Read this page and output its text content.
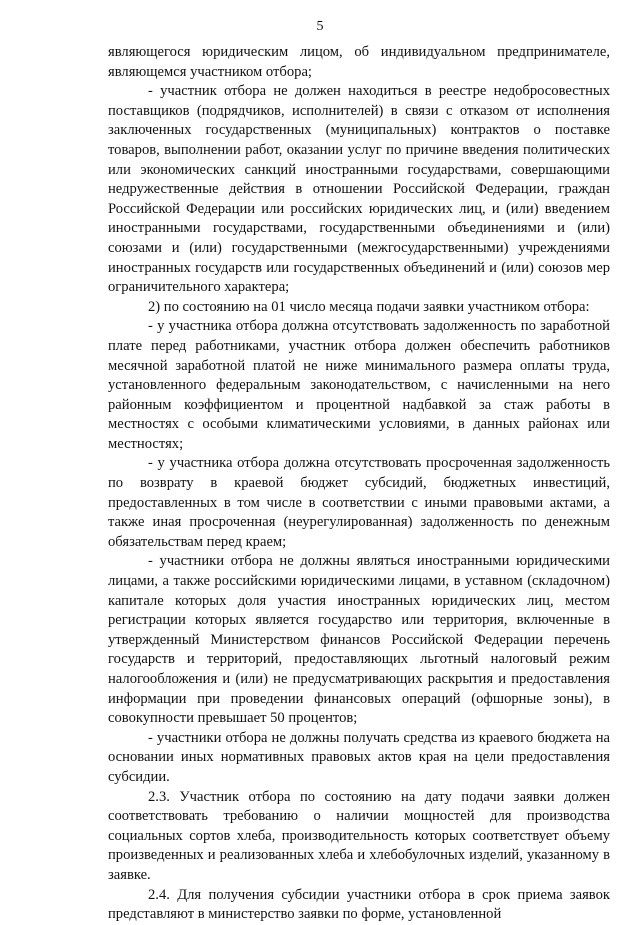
5

являющегося юридическим лицом, об индивидуальном предпринимателе, являющемся участником отбора;

- участник отбора не должен находиться в реестре недобросовестных поставщиков (подрядчиков, исполнителей) в связи с отказом от исполнения заключенных государственных (муниципальных) контрактов о поставке товаров, выполнении работ, оказании услуг по причине введения политических или экономических санкций иностранными государствами, совершающими недружественные действия в отношении Российской Федерации, граждан Российской Федерации или российских юридических лиц, и (или) введением иностранными государствами, государственными объединениями и (или) союзами и (или) государственными (межгосударственными) учреждениями иностранных государств или государственных объединений и (или) союзов мер ограничительного характера;

2) по состоянию на 01 число месяца подачи заявки участником отбора:

- у участника отбора должна отсутствовать задолженность по заработной плате перед работниками, участник отбора должен обеспечить работников месячной заработной платой не ниже минимального размера оплаты труда, установленного федеральным законодательством, с начисленными на него районным коэффициентом и процентной надбавкой за стаж работы в местностях с особыми климатическими условиями, в данных районах или местностях;

- у участника отбора должна отсутствовать просроченная задолженность по возврату в краевой бюджет субсидий, бюджетных инвестиций, предоставленных в том числе в соответствии с иными правовыми актами, а также иная просроченная (неурегулированная) задолженность по денежным обязательствам перед краем;

- участники отбора не должны являться иностранными юридическими лицами, а также российскими юридическими лицами, в уставном (складочном) капитале которых доля участия иностранных юридических лиц, местом регистрации которых является государство или территория, включенные в утвержденный Министерством финансов Российской Федерации перечень государств и территорий, предоставляющих льготный налоговый режим налогообложения и (или) не предусматривающих раскрытия и предоставления информации при проведении финансовых операций (офшорные зоны), в совокупности превышает 50 процентов;

- участники отбора не должны получать средства из краевого бюджета на основании иных нормативных правовых актов края на цели предоставления субсидии.

2.3. Участник отбора по состоянию на дату подачи заявки должен соответствовать требованию о наличии мощностей для производства социальных сортов хлеба, производительность которых соответствует объему произведенных и реализованных хлеба и хлебобулочных изделий, указанному в заявке.

2.4. Для получения субсидии участники отбора в срок приема заявок представляют в министерство заявки по форме, установленной
